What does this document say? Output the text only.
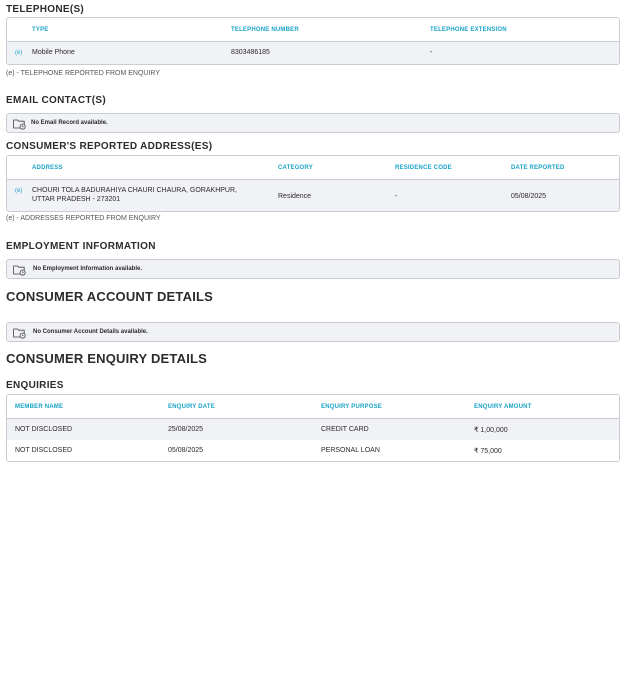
TELEPHONE(S)
TYPE	TELEPHONE NUMBER	TELEPHONE EXTENSION
(e) Mobile Phone	8303486185	-
(e) - TELEPHONE REPORTED FROM ENQUIRY
EMAIL CONTACT(S)
No Email Record available.
CONSUMER'S REPORTED ADDRESS(ES)
ADDRESS	CATEGORY	RESIDENCE CODE	DATE REPORTED
(e) CHOURI TOLA BADURAHIYA CHAURI CHAURA, GORAKHPUR,
UTTAR PRADESH - 273201	Residence	-	05/08/2025
(e) - ADDRESSES REPORTED FROM ENQUIRY
EMPLOYMENT INFORMATION
No Employment Information available.
CONSUMER ACCOUNT DETAILS
No Consumer Account Details available.
CONSUMER ENQUIRY DETAILS
ENQUIRIES
MEMBER NAME	ENQUIRY DATE	ENQUIRY PURPOSE	ENQUIRY AMOUNT
NOT DISCLOSED	25/08/2025	CREDIT CARD	₹ 1,00,000
NOT DISCLOSED	05/08/2025	PERSONAL LOAN	₹ 75,000
